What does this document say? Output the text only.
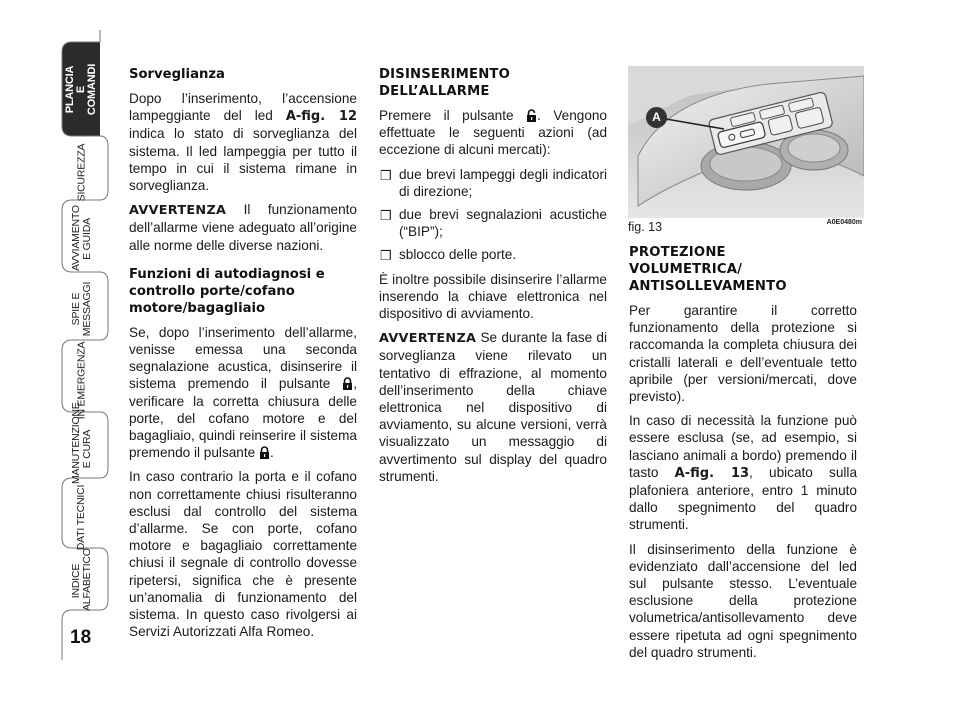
PLANCIA E COMANDI
SICUREZZA
AVVIAMENTO E GUIDA
SPIE E MESSAGGI
IN EMERGENZA
MANUTENZIONE E CURA
DATI TECNICI
INDICE ALFABETICO
18
Sorveglianza

Dopo l’inserimento, l’accensione lampeggiante del led A-fig. 12 indica lo stato di sorveglianza del sistema. Il led lampeggia per tutto il tempo in cui il sistema rimane in sorveglianza.

AVVERTENZA Il funzionamento dell’allarme viene adeguato all’origine alle norme delle diverse nazioni.

Funzioni di autodiagnosi e controllo porte/cofano motore/bagagliaio

Se, dopo l’inserimento dell’allarme, venisse emessa una seconda segnalazione acustica, disinserire il sistema premendo il pulsante , verificare la corretta chiusura delle porte, del cofano motore e del bagagliaio, quindi reinserire il sistema premendo il pulsante .

In caso contrario la porta e il cofano non correttamente chiusi risulteranno esclusi dal controllo del sistema d’allarme. Se con porte, cofano motore e bagagliaio correttamente chiusi il segnale di controllo dovesse ripetersi, significa che è presente un’anomalia di funzionamento del sistema. In questo caso rivolgersi ai Servizi Autorizzati Alfa Romeo.

DISINSERIMENTO DELL’ALLARME

Premere il pulsante . Vengono effettuate le seguenti azioni (ad eccezione di alcuni mercati):

❒ due brevi lampeggi degli indicatori di direzione;
❒ due brevi segnalazioni acustiche (“BIP”);
❒ sblocco delle porte.

È inoltre possibile disinserire l’allarme inserendo la chiave elettronica nel dispositivo di avviamento.

AVVERTENZA Se durante la fase di sorveglianza viene rilevato un tentativo di effrazione, al momento dell’inserimento della chiave elettronica nel dispositivo di avviamento, su alcune versioni, verrà visualizzato un messaggio di avvertimento sul display del quadro strumenti.

fig. 13	A0E0480m
A
PROTEZIONE VOLUMETRICA/ ANTISOLLEVAMENTO

Per garantire il corretto funzionamento della protezione si raccomanda la completa chiusura dei cristalli laterali e dell’eventuale tetto apribile (per versioni/mercati, dove previsto).

In caso di necessità la funzione può essere esclusa (se, ad esempio, si lasciano animali a bordo) premendo il tasto A-fig. 13, ubicato sulla plafoniera anteriore, entro 1 minuto dallo spegnimento del quadro strumenti.

Il disinserimento della funzione è evidenziato dall’accensione del led sul pulsante stesso. L’eventuale esclusione della protezione volumetrica/antisollevamento deve essere ripetuta ad ogni spegnimento del quadro strumenti.
